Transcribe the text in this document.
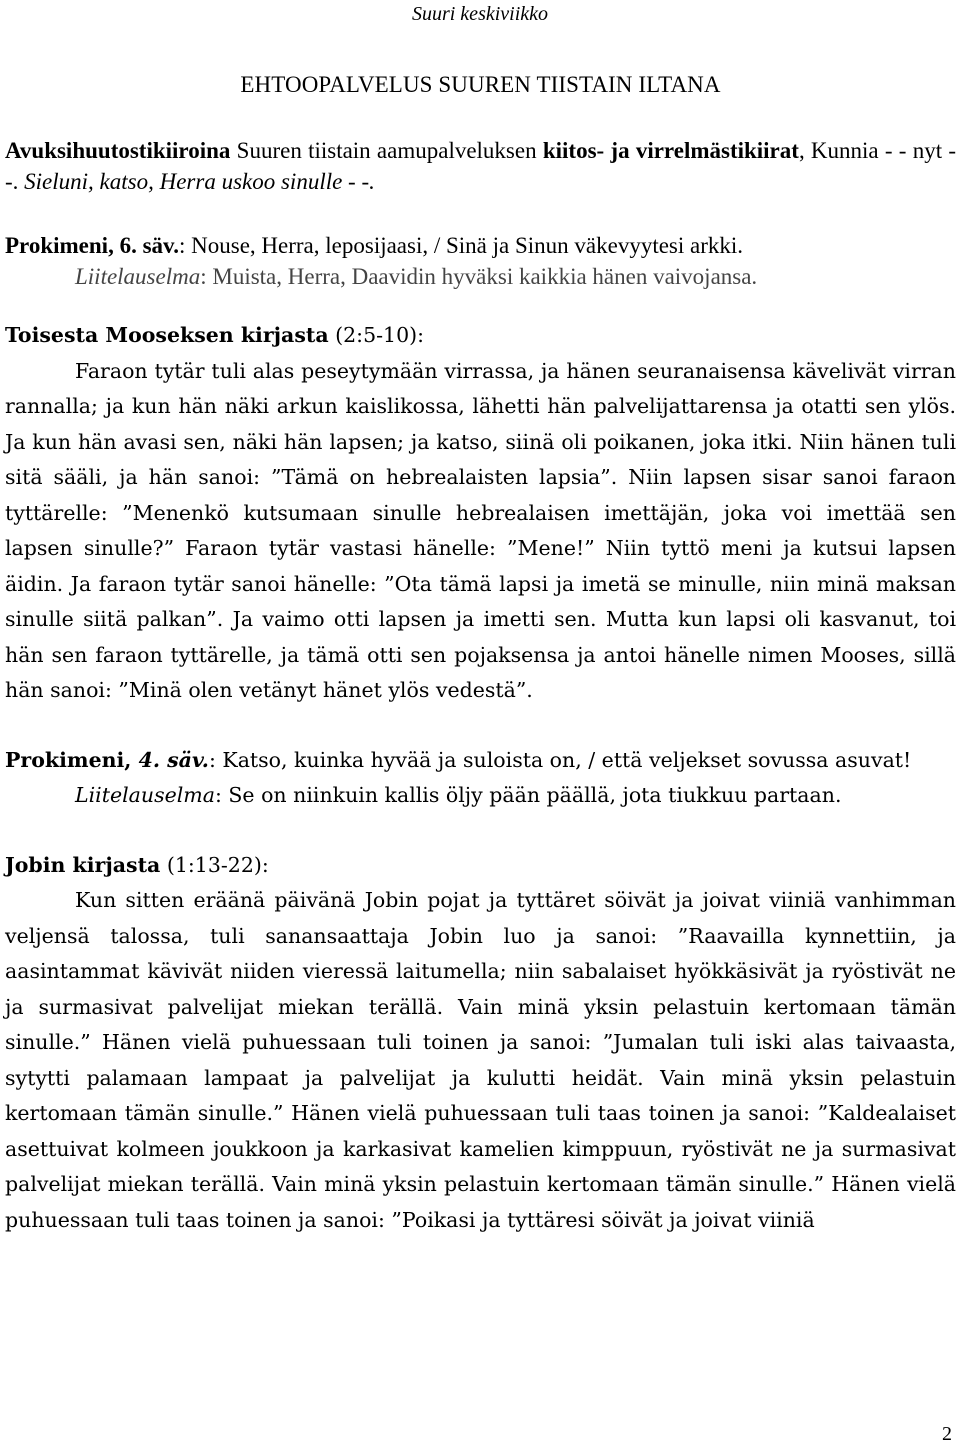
Suuri keskiviikko
EHTOOPALVELUS SUUREN TIISTAIN ILTANA

Avuksihuutostikiiroina Suuren tiistain aamupalveluksen kiitos- ja virrelmästikiirat, Kunnia - - nyt - -. Sieluni, katso, Herra uskoo sinulle - -.

Prokimeni, 6. säv.: Nouse, Herra, leposijaasi, / Sinä ja Sinun väkevyytesi arkki.

Liitelauselma: Muista, Herra, Daavidin hyväksi kaikkia hänen vaivojansa.

Toisesta Mooseksen kirjasta (2:5-10):

Faraon tytär tuli alas peseytymään virrassa, ja hänen seuranaisensa kävelivät virran rannalla; ja kun hän näki arkun kaislikossa, lähetti hän palvelijattarensa ja otatti sen ylös. Ja kun hän avasi sen, näki hän lapsen; ja katso, siinä oli poikanen, joka itki. Niin hänen tuli sitä sääli, ja hän sanoi: ”Tämä on hebrealaisten lapsia”. Niin lapsen sisar sanoi faraon tyttärelle: ”Menenkö kutsumaan sinulle hebrealaisen imettäjän, joka voi imettää sen lapsen sinulle?” Faraon tytär vastasi hänelle: ”Mene!” Niin tyttö meni ja kutsui lapsen äidin. Ja faraon tytär sanoi hänelle: ”Ota tämä lapsi ja imetä se minulle, niin minä maksan sinulle siitä palkan”. Ja vaimo otti lapsen ja imetti sen. Mutta kun lapsi oli kasvanut, toi hän sen faraon tyttärelle, ja tämä otti sen pojaksensa ja antoi hänelle nimen Mooses, sillä hän sanoi: ”Minä olen vetänyt hänet ylös vedestä”.

Prokimeni, 4. säv.: Katso, kuinka hyvää ja suloista on, / että veljekset sovussa asuvat!

Liitelauselma: Se on niinkuin kallis öljy pään päällä, jota tiukkuu partaan.

Jobin kirjasta (1:13-22):

Kun sitten eräänä päivänä Jobin pojat ja tyttäret söivät ja joivat viiniä vanhimman veljensä talossa, tuli sanansaattaja Jobin luo ja sanoi: ”Raavailla kynnettiin, ja aasintammat kävivät niiden vieressä laitumella; niin sabalaiset hyökkäsivät ja ryöstivät ne ja surmasivat palvelijat miekan terällä. Vain minä yksin pelastuin kertomaan tämän sinulle.” Hänen vielä puhuessaan tuli toinen ja sanoi: ”Jumalan tuli iski alas taivaasta, sytytti palamaan lampaat ja palvelijat ja kulutti heidät. Vain minä yksin pelastuin kertomaan tämän sinulle.” Hänen vielä puhuessaan tuli taas toinen ja sanoi: ”Kaldealaiset asettuivat kolmeen joukkoon ja karkasivat kamelien kimppuun, ryöstivät ne ja surmasivat palvelijat miekan terällä. Vain minä yksin pelastuin kertomaan tämän sinulle.” Hänen vielä puhuessaan tuli taas toinen ja sanoi: ”Poikasi ja tyttäresi söivät ja joivat viiniä

2
